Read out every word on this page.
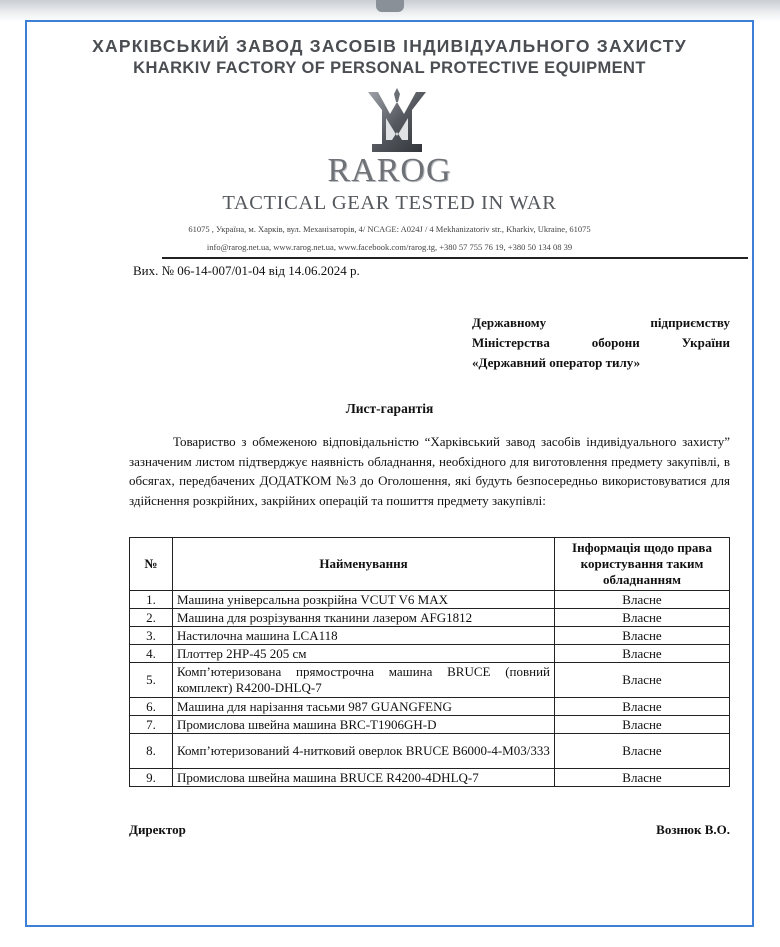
ХАРКІВСЬКИЙ ЗАВОД ЗАСОБІВ ІНДИВІДУАЛЬНОГО ЗАХИСТУ
KHARKIV FACTORY OF PERSONAL PROTECTIVE EQUIPMENT
RAROG
TACTICAL GEAR TESTED IN WAR
61075 , Україна, м. Харків, вул. Механізаторів, 4/ NCAGE: A024J / 4 Mekhanizatoriv str., Kharkiv, Ukraine, 61075
info@rarog.net.ua, www.rarog.net.ua, www.facebook.com/rarog.tg, +380 57 755 76 19, +380 50 134 08 39
Вих. № 06-14-007/01-04 від 14.06.2024 р.
Державному	підприємству
Міністерства	оборони	України
«Державний оператор тилу»
Лист-гарантія
Товариство з обмеженою відповідальністю “Харківський завод засобів індивідуального захисту” зазначеним листом підтверджує наявність обладнання, необхідного для виготовлення предмету закупівлі, в обсягах, передбачених ДОДАТКОМ №3 до Оголошення, які будуть безпосередньо використовуватися для здійснення розкрійних, закрійних операцій та пошиття предмету закупівлі:
№	Найменування	Інформація щодо права користування таким обладнанням
1.	Машина універсальна розкрійна VCUT V6 MAX	Власне
2.	Машина для розрізування тканини лазером AFG1812	Власне
3.	Настилочна машина LCA118	Власне
4.	Плоттер 2HP-45 205 см	Власне
5.	Комп’ютеризована прямострочна машина BRUCE (повний комплект) R4200-DHLQ-7	Власне
6.	Машина для нарізання тасьми 987 GUANGFENG	Власне
7.	Промислова швейна машина BRC-T1906GH-D	Власне
8.	Комп’ютеризований 4-нитковий оверлок BRUCE B6000-4-M03/333	Власне
9.	Промислова швейна машина BRUCE R4200-4DHLQ-7	Власне
Директор	Вознюк В.О.
